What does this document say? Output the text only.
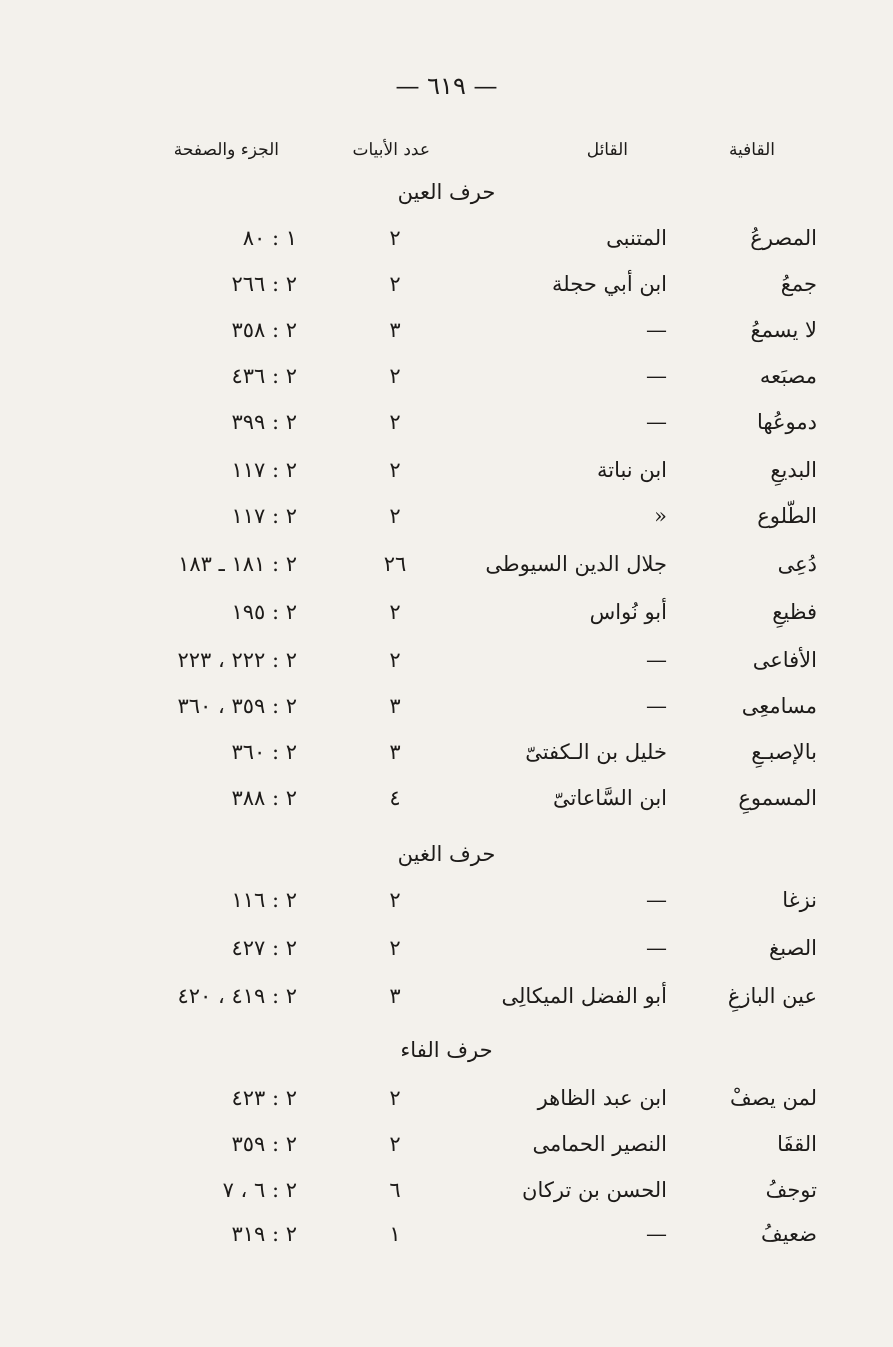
— ٦١٩ —
القافية
القائل
عدد الأبيات
الجزء والصفحة
حرف العين
المصرعُ
المتنبى
٢
١ : ٨٠
جمعُ
ابن أبي حجلة
٢
٢ : ٢٦٦
لا يسمعُ
—
٣
٢ : ٣٥٨
مصبَعه
—
٢
٢ : ٤٣٦
دموعُها
—
٢
٢ : ٣٩٩
البديعِ
ابن نباتة
٢
٢ : ١١٧
الطّلوع
«
٢
٢ : ١١٧
دُعِى
جلال الدين السيوطى
٢٦
٢ : ١٨١ ـ ١٨٣
فظيعِ
أبو نُواس
٢
٢ : ١٩٥
الأفاعى
—
٢
٢ : ٢٢٢ ، ٢٢٣
مسامعِى
—
٣
٢ : ٣٥٩ ، ٣٦٠
بالإصبـعِ
خليل بن الـكفتىّ
٣
٢ : ٣٦٠
المسموعِ
ابن السَّاعاتىّ
٤
٢ : ٣٨٨
حرف الغين
نزغا
—
٢
٢ : ١١٦
الصبغ
—
٢
٢ : ٤٢٧
عين البازغِ
أبو الفضل الميكالِى
٣
٢ : ٤١٩ ، ٤٢٠
حرف الفاء
لمن يصفْ
ابن عبد الظاهر
٢
٢ : ٤٢٣
القفَا
النصير الحمامى
٢
٢ : ٣٥٩
توجفُ
الحسن بن تركان
٦
٢ : ٦ ، ٧
ضعيفُ
—
١
٢ : ٣١٩
